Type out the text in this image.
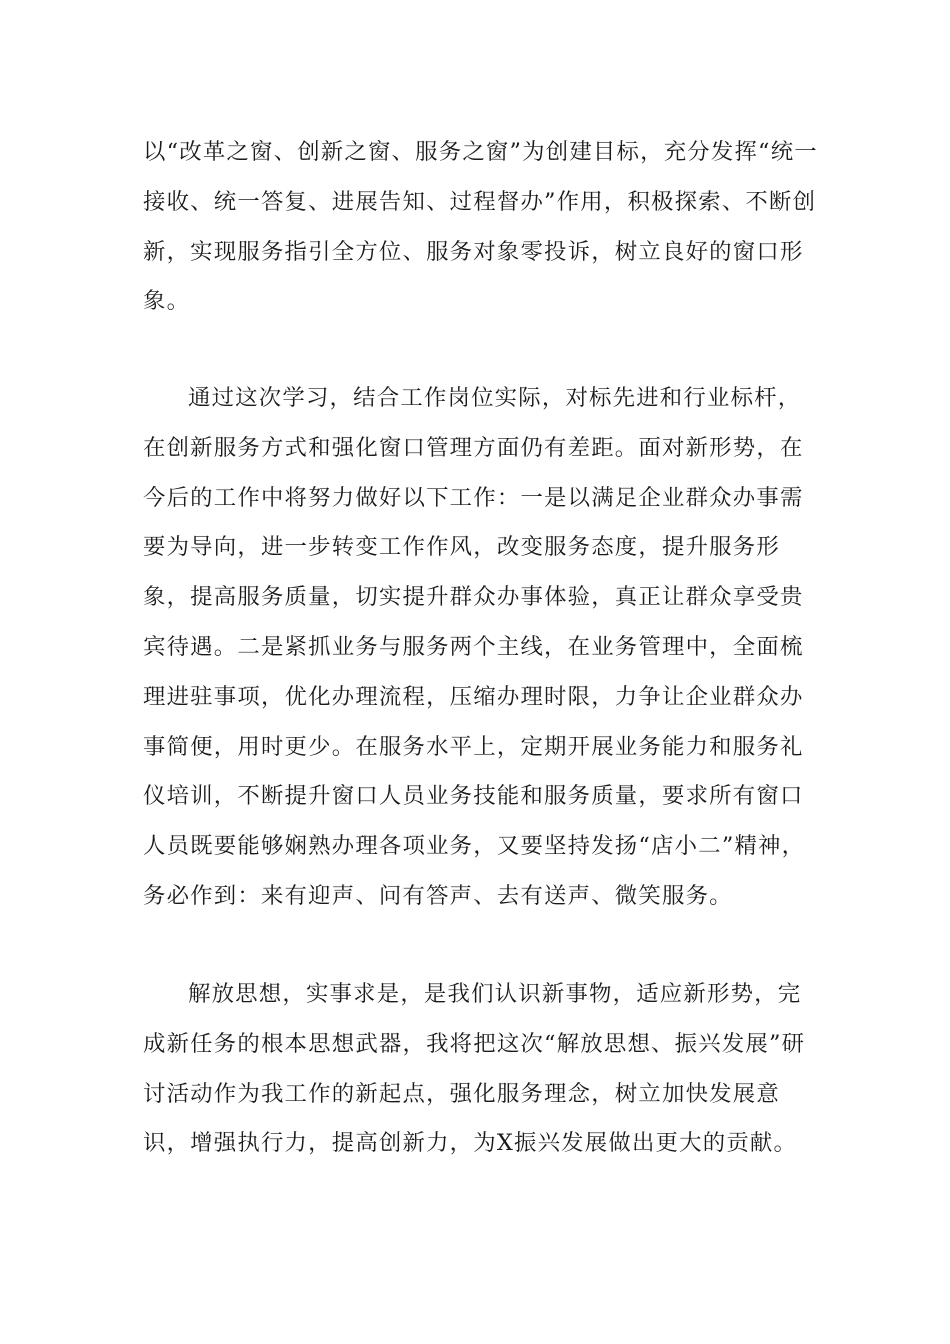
以“改革之窗、创新之窗、服务之窗”为创建目标，充分发挥“统一接收、统一答复、进展告知、过程督办”作用，积极探索、不断创新，实现服务指引全方位、服务对象零投诉，树立良好的窗口形象。

通过这次学习，结合工作岗位实际，对标先进和行业标杆，在创新服务方式和强化窗口管理方面仍有差距。面对新形势，在今后的工作中将努力做好以下工作：一是以满足企业群众办事需要为导向，进一步转变工作作风，改变服务态度，提升服务形象，提高服务质量，切实提升群众办事体验，真正让群众享受贵宾待遇。二是紧抓业务与服务两个主线，在业务管理中，全面梳理进驻事项，优化办理流程，压缩办理时限，力争让企业群众办事简便，用时更少。在服务水平上，定期开展业务能力和服务礼仪培训，不断提升窗口人员业务技能和服务质量，要求所有窗口人员既要能够娴熟办理各项业务，又要坚持发扬“店小二”精神，务必作到：来有迎声、问有答声、去有送声、微笑服务。

解放思想，实事求是，是我们认识新事物，适应新形势，完成新任务的根本思想武器，我将把这次“解放思想、振兴发展”研讨活动作为我工作的新起点，强化服务理念，树立加快发展意识，增强执行力，提高创新力，为X振兴发展做出更大的贡献。
